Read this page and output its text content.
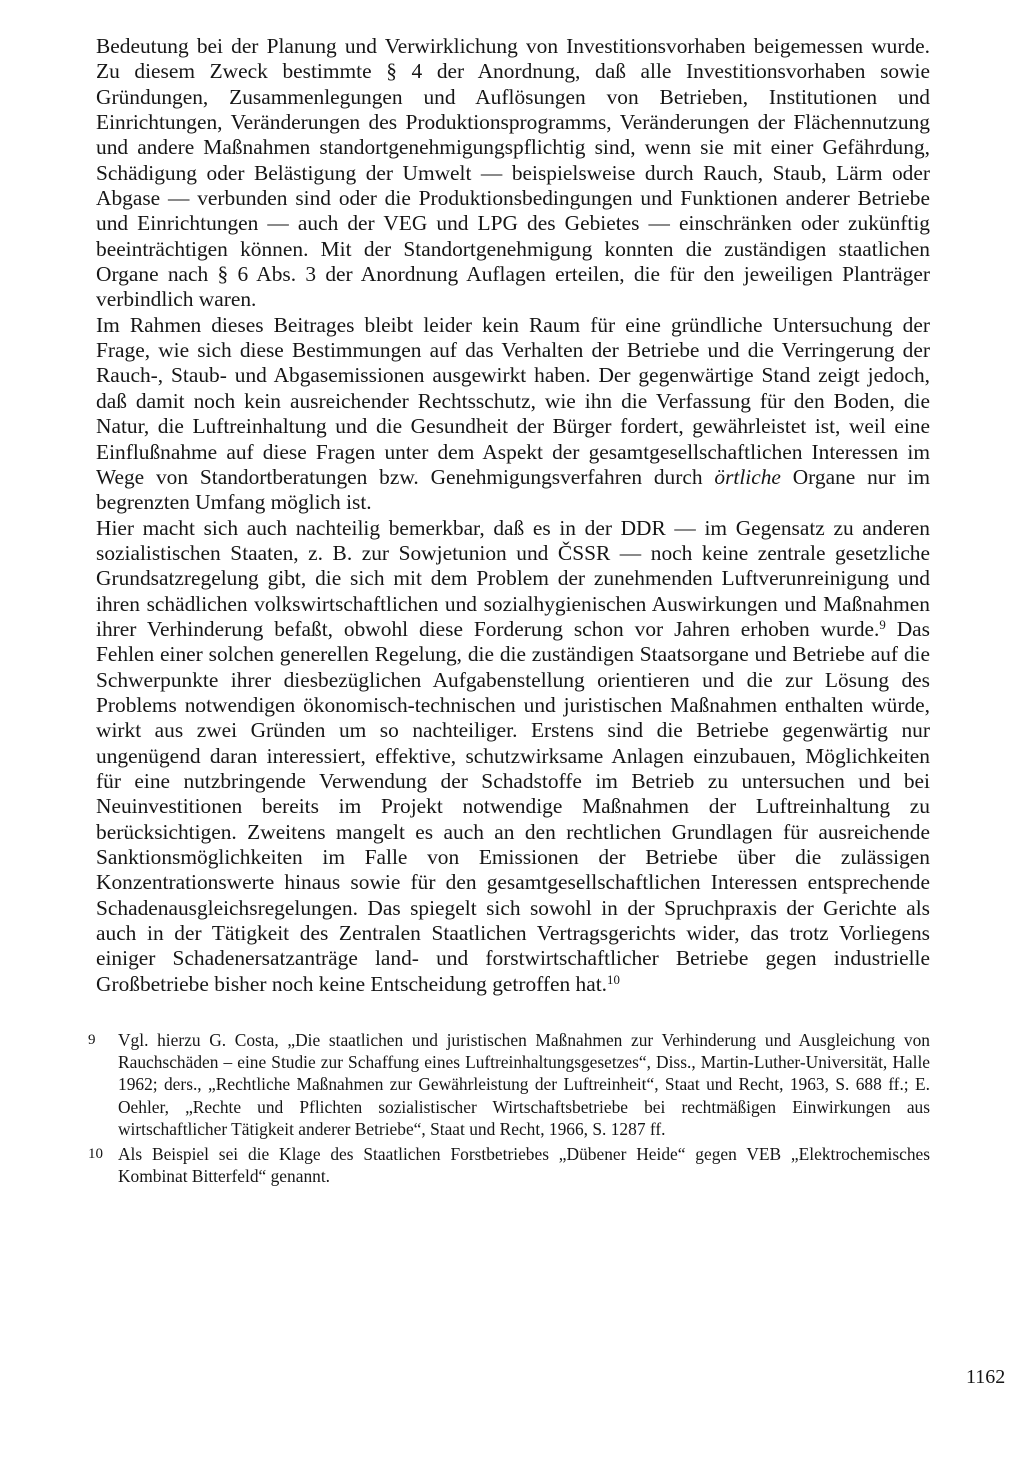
Bedeutung bei der Planung und Verwirklichung von Investitionsvorhaben beigemessen wurde. Zu diesem Zweck bestimmte § 4 der Anordnung, daß alle Investitionsvorhaben sowie Gründungen, Zusammenlegungen und Auflösungen von Betrieben, Institutionen und Einrichtungen, Veränderungen des Produktionsprogramms, Veränderungen der Flächennutzung und andere Maßnahmen standortgenehmigungspflichtig sind, wenn sie mit einer Gefährdung, Schädigung oder Belästigung der Umwelt — beispielsweise durch Rauch, Staub, Lärm oder Abgase — verbunden sind oder die Produktionsbedingungen und Funktionen anderer Betriebe und Einrichtungen — auch der VEG und LPG des Gebietes — einschränken oder zukünftig beeinträchtigen können. Mit der Standortgenehmigung konnten die zuständigen staatlichen Organe nach § 6 Abs. 3 der Anordnung Auflagen erteilen, die für den jeweiligen Planträger verbindlich waren.

Im Rahmen dieses Beitrages bleibt leider kein Raum für eine gründliche Untersuchung der Frage, wie sich diese Bestimmungen auf das Verhalten der Betriebe und die Verringerung der Rauch-, Staub- und Abgasemissionen ausgewirkt haben. Der gegenwärtige Stand zeigt jedoch, daß damit noch kein ausreichender Rechtsschutz, wie ihn die Verfassung für den Boden, die Natur, die Luftreinhaltung und die Gesundheit der Bürger fordert, gewährleistet ist, weil eine Einflußnahme auf diese Fragen unter dem Aspekt der gesamtgesellschaftlichen Interessen im Wege von Standortberatungen bzw. Genehmigungsverfahren durch örtliche Organe nur im begrenzten Umfang möglich ist.

Hier macht sich auch nachteilig bemerkbar, daß es in der DDR — im Gegensatz zu anderen sozialistischen Staaten, z. B. zur Sowjetunion und ČSSR — noch keine zentrale gesetzliche Grundsatzregelung gibt, die sich mit dem Problem der zunehmenden Luftverunreinigung und ihren schädlichen volkswirtschaftlichen und sozialhygienischen Auswirkungen und Maßnahmen ihrer Verhinderung befaßt, obwohl diese Forderung schon vor Jahren erhoben wurde.$^9$ Das Fehlen einer solchen generellen Regelung, die die zuständigen Staatsorgane und Betriebe auf die Schwerpunkte ihrer diesbezüglichen Aufgabenstellung orientieren und die zur Lösung des Problems notwendigen ökonomisch-technischen und juristischen Maßnahmen enthalten würde, wirkt aus zwei Gründen um so nachteiliger. Erstens sind die Betriebe gegenwärtig nur ungenügend daran interessiert, effektive, schutzwirksame Anlagen einzubauen, Möglichkeiten für eine nutzbringende Verwendung der Schadstoffe im Betrieb zu untersuchen und bei Neuinvestitionen bereits im Projekt notwendige Maßnahmen der Luftreinhaltung zu berücksichtigen. Zweitens mangelt es auch an den rechtlichen Grundlagen für ausreichende Sanktionsmöglichkeiten im Falle von Emissionen der Betriebe über die zulässigen Konzentrationswerte hinaus sowie für den gesamtgesellschaftlichen Interessen entsprechende Schadenausgleichsregelungen. Das spiegelt sich sowohl in der Spruchpraxis der Gerichte als auch in der Tätigkeit des Zentralen Staatlichen Vertragsgerichts wider, das trotz Vorliegens einiger Schadenersatzanträge land- und forstwirtschaftlicher Betriebe gegen industrielle Großbetriebe bisher noch keine Entscheidung getroffen hat.$^{10}$

9 Vgl. hierzu G. Costa, „Die staatlichen und juristischen Maßnahmen zur Verhinderung und Ausgleichung von Rauchschäden – eine Studie zur Schaffung eines Luftreinhaltungsgesetzes“, Diss., Martin-Luther-Universität, Halle 1962; ders., „Rechtliche Maßnahmen zur Gewährleistung der Luftreinheit“, Staat und Recht, 1963, S. 688 ff.; E. Oehler, „Rechte und Pflichten sozialistischer Wirtschaftsbetriebe bei rechtmäßigen Einwirkungen aus wirtschaftlicher Tätigkeit anderer Betriebe“, Staat und Recht, 1966, S. 1287 ff.

10 Als Beispiel sei die Klage des Staatlichen Forstbetriebes „Dübener Heide“ gegen VEB „Elektrochemisches Kombinat Bitterfeld“ genannt.

1162
